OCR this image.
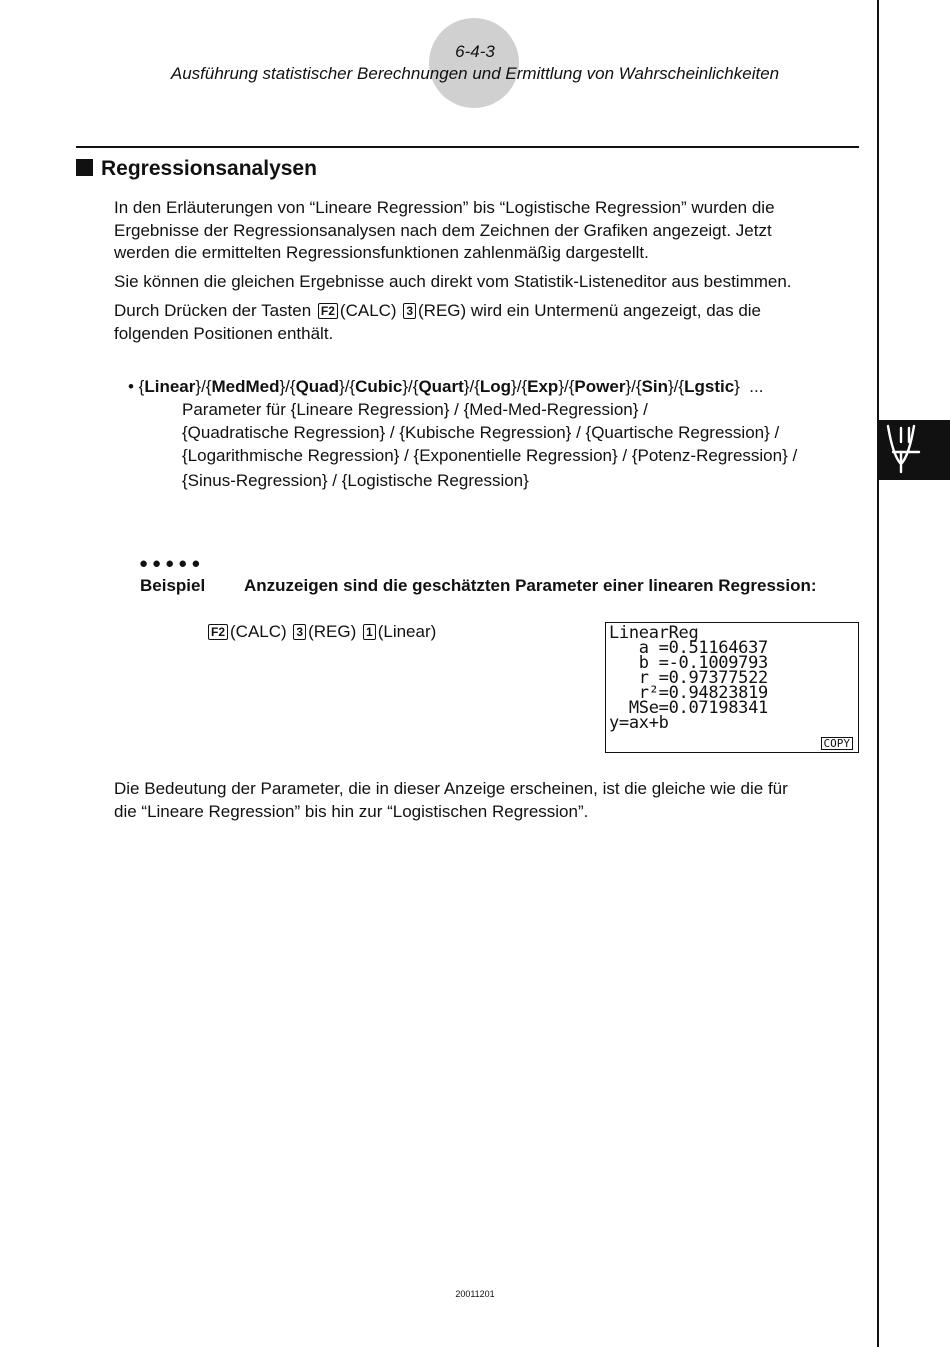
6-4-3
Ausführung statistischer Berechnungen und Ermittlung von Wahrscheinlichkeiten
Regressionsanalysen

In den Erläuterungen von “Lineare Regression” bis “Logistische Regression” wurden die
Ergebnisse der Regressionsanalysen nach dem Zeichnen der Grafiken angezeigt. Jetzt
werden die ermittelten Regressionsfunktionen zahlenmäßig dargestellt.

Sie können die gleichen Ergebnisse auch direkt vom Statistik-Listeneditor aus bestimmen.

Durch Drücken der Tasten F2 (CALC) 3 (REG) wird ein Untermenü angezeigt, das die
folgenden Positionen enthält.

• {Linear}/{MedMed}/{Quad}/{Cubic}/{Quart}/{Log}/{Exp}/{Power}/{Sin}/{Lgstic}  ...
Parameter für {Lineare Regression} / {Med-Med-Regression} /
{Quadratische Regression} / {Kubische Regression} / {Quartische Regression} /
{Logarithmische Regression} / {Exponentielle Regression} / {Potenz-Regression} /
{Sinus-Regression} / {Logistische Regression}
●●●●●
Beispiel Anzuzeigen sind die geschätzten Parameter einer linearen Regression:
F2 (CALC) 3 (REG) 1 (Linear)	LinearReg
a =0.51164637
b =-0.1009793
r =0.97377522
r²=0.94823819
MSe=0.07198341
y=ax+b
COPY

Die Bedeutung der Parameter, die in dieser Anzeige erscheinen, ist die gleiche wie die für
die “Lineare Regression” bis hin zur “Logistischen Regression”.

20011201
